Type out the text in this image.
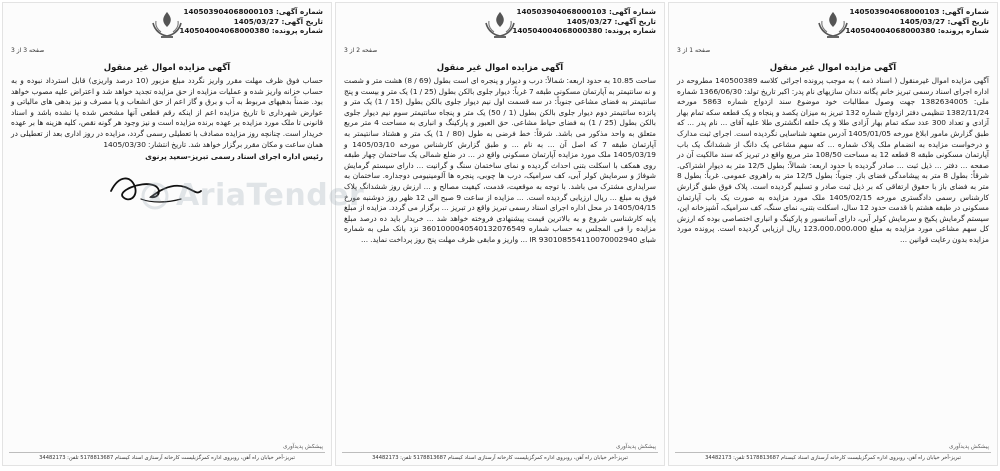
شماره آگهی: 140503904068000103
تاریخ آگهی: 1405/03/27
شماره پرونده: 140504004068000380
صفحه 1 از 3
آگهی مزایده اموال غیر منقول
آگهی مزایده اموال غیرمنقول ( اسناد ذمه ) به موجب پرونده اجرائی کلاسه 140500389 مطروحه در اداره اجرای اسناد رسمی تبریز خانم یگانه دندان سازیهای نام پدر: اکبر تاریخ تولد: 1366/06/30 شماره ملی: 1382634005 جهت وصول مطالبات خود موضوع سند ازدواج شماره 5863 مورخه 1382/11/24 تنظیمی دفتر ازدواج شماره 132 تبریز به میزان یکصد و پنجاه و یک قطعه سکه تمام بهار آزادی و تعداد 300 عدد سکه تمام بهار آزادی طلا و یک حلقه انگشتری طلا علیه آقای ... نام پدر ... که طبق گزارش مامور ابلاغ مورخه 1405/01/05 آدرس متعهد شناسایی نگردیده است. اجرای ثبت مدارک و درخواست مزایده به انضمام ملک پلاک شماره ... که سهم مشاعی یک دانگ از ششدانگ یک باب آپارتمان مسکونی طبقه 8 قطعه 12 به مساحت 108/50 متر مربع واقع در تبریز که سند مالکیت آن در صفحه ... دفتر ... ذیل ثبت ... صادر گردیده با حدود اربعه: شمالاً: بطول 12/5 متر به دیوار اشتراکی. شرقاً: بطول 8 متر به پیشامدگی فضای باز. جنوباً: بطول 12/5 متر به راهروی عمومی. غرباً: بطول 8 متر به فضای باز با حقوق ارتفاقی که بر ذیل ثبت صادر و تسلیم گردیده است. پلاک فوق طبق گزارش کارشناس رسمی دادگستری مورخه 1405/02/15 ملک مورد مزایده به صورت یک باب آپارتمان مسکونی در طبقه هشتم با قدمت حدود 12 سال، اسکلت بتنی، نمای سنگ، کف سرامیک، آشپزخانه اپن، سیستم گرمایش پکیج و سرمایش کولر آبی، دارای آسانسور و پارکینگ و انباری اختصاصی بوده که ارزش کل سهم مشاعی مورد مزایده به مبلغ 123،000،000،000 ریال ارزیابی گردیده است. پرونده مورد مزایده بدون رعایت قوانین ...
پیشکش پدیدآوری
تبریز-آخر خیابان راه آهن، روبروی اداره کمرگزیلیست کارخانه آرسنازی اسناد کیسنام 5178813687 تلفن: 34482173
شماره آگهی: 140503904068000103
تاریخ آگهی: 1405/03/27
شماره پرونده: 140504004068000380
صفحه 2 از 3
آگهی مزایده اموال غیر منقول
ساحت 10.85 به حدود اربعه: شمالاً: درب و دیوار و پنجره ای است بطول (69 / 8) هشت متر و شصت و نه سانتیمتر به آپارتمان مسکونی طبقه 7 غرباً: دیوار جلوی بالکن بطول (25 / 1) یک متر و بیست و پنج سانتیمتر به فضای مشاعی جنوباً: در سه قسمت اول نیم دیوار جلوی بالکن بطول (15 / 1) یک متر و پانزده سانتیمتر دوم دیوار جلوی بالکن بطول (1 / 50) یک متر و پنجاه سانتیمتر سوم نیم دیوار جلوی بالکن بطول (25 / 1) به فضای حیاط مشاعی. حق العبور و پارکینگ و انباری به مساحت 4 متر مربع متعلق به واحد مذکور می باشد. شرقاً: خط فرضی به طول (80 / 1) یک متر و هشتاد سانتیمتر به آپارتمان طبقه 7 که اصل آن ... به نام ... و طبق گزارش کارشناس مورخه 1405/03/10 و 1405/03/19 ملک مورد مزایده آپارتمان مسکونی واقع در ... در ضلع شمالی یک ساختمان چهار طبقه روی همکف با اسکلت بتنی احداث گردیده و نمای ساختمان سنگ و گرانیت ... دارای سیستم گرمایش شوفاژ و سرمایش کولر آبی، کف سرامیک، درب ها چوبی، پنجره ها آلومینیومی دوجداره. ساختمان به سرایداری مشترک می باشد. با توجه به موقعیت، قدمت، کیفیت مصالح و ... ارزش روز ششدانگ پلاک فوق به مبلغ ... ریال ارزیابی گردیده است. ... مزایده از ساعت 9 صبح الی 12 ظهر روز دوشنبه مورخ 1405/04/15 در محل اداره اجرای اسناد رسمی تبریز واقع در تبریز ... برگزار می گردد. مزایده از مبلغ پایه کارشناسی شروع و به بالاترین قیمت پیشنهادی فروخته خواهد شد ... خریدار باید ده درصد مبلغ مزایده را فی المجلس به حساب شماره 3601000040540132076549 نزد بانک ملی به شماره شبای IR 930108554110070002940 ... واریز و مابقی ظرف مهلت پنج روز پرداخت نماید. ...
پیشکش پدیدآوری
تبریز-آخر خیابان راه آهن، روبروی اداره کمرگزیلیست کارخانه آرسنازی اسناد کیسنام 5178813687 تلفن: 34482173
شماره آگهی: 140503904068000103
تاریخ آگهی: 1405/03/27
شماره پرونده: 140504004068000380
صفحه 3 از 3
آگهی مزایده اموال غیر منقول
حساب فوق ظرف مهلت مقرر واریز نگردد مبلغ مزبور (10 درصد واریزی) قابل استرداد نبوده و به حساب خزانه واریز شده و عملیات مزایده از حق مزایده تجدید خواهد شد و اعتراض علیه مصوب خواهد بود. ضمناً بدهیهای مربوط به آب و برق و گاز اعم از حق انشعاب و یا مصرف و نیز بدهی های مالیاتی و عوارض شهرداری تا تاریخ مزایده اعم از اینکه رقم قطعی آنها مشخص شده یا نشده باشد و اسناد قانونی تا ملک مورد مزایده بر عهده برنده مزایده است و نیز وجود هر گونه نقص، کلیه هزینه ها بر عهده خریدار است. چنانچه روز مزایده مصادف با تعطیلی رسمی گردد، مزایده در روز اداری بعد از تعطیلی در همان ساعت و مکان مقرر برگزار خواهد شد. تاریخ انتشار: 1405/03/30
رئیس اداره اجرای اسناد رسمی تبریز-سعید پرنوی
پیشکش پدیدآوری
تبریز-آخر خیابان راه آهن، روبروی اداره کمرگزیلیست کارخانه آرسنازی اسناد کیسنام 5178813687 تلفن: 34482173
AriaTender
